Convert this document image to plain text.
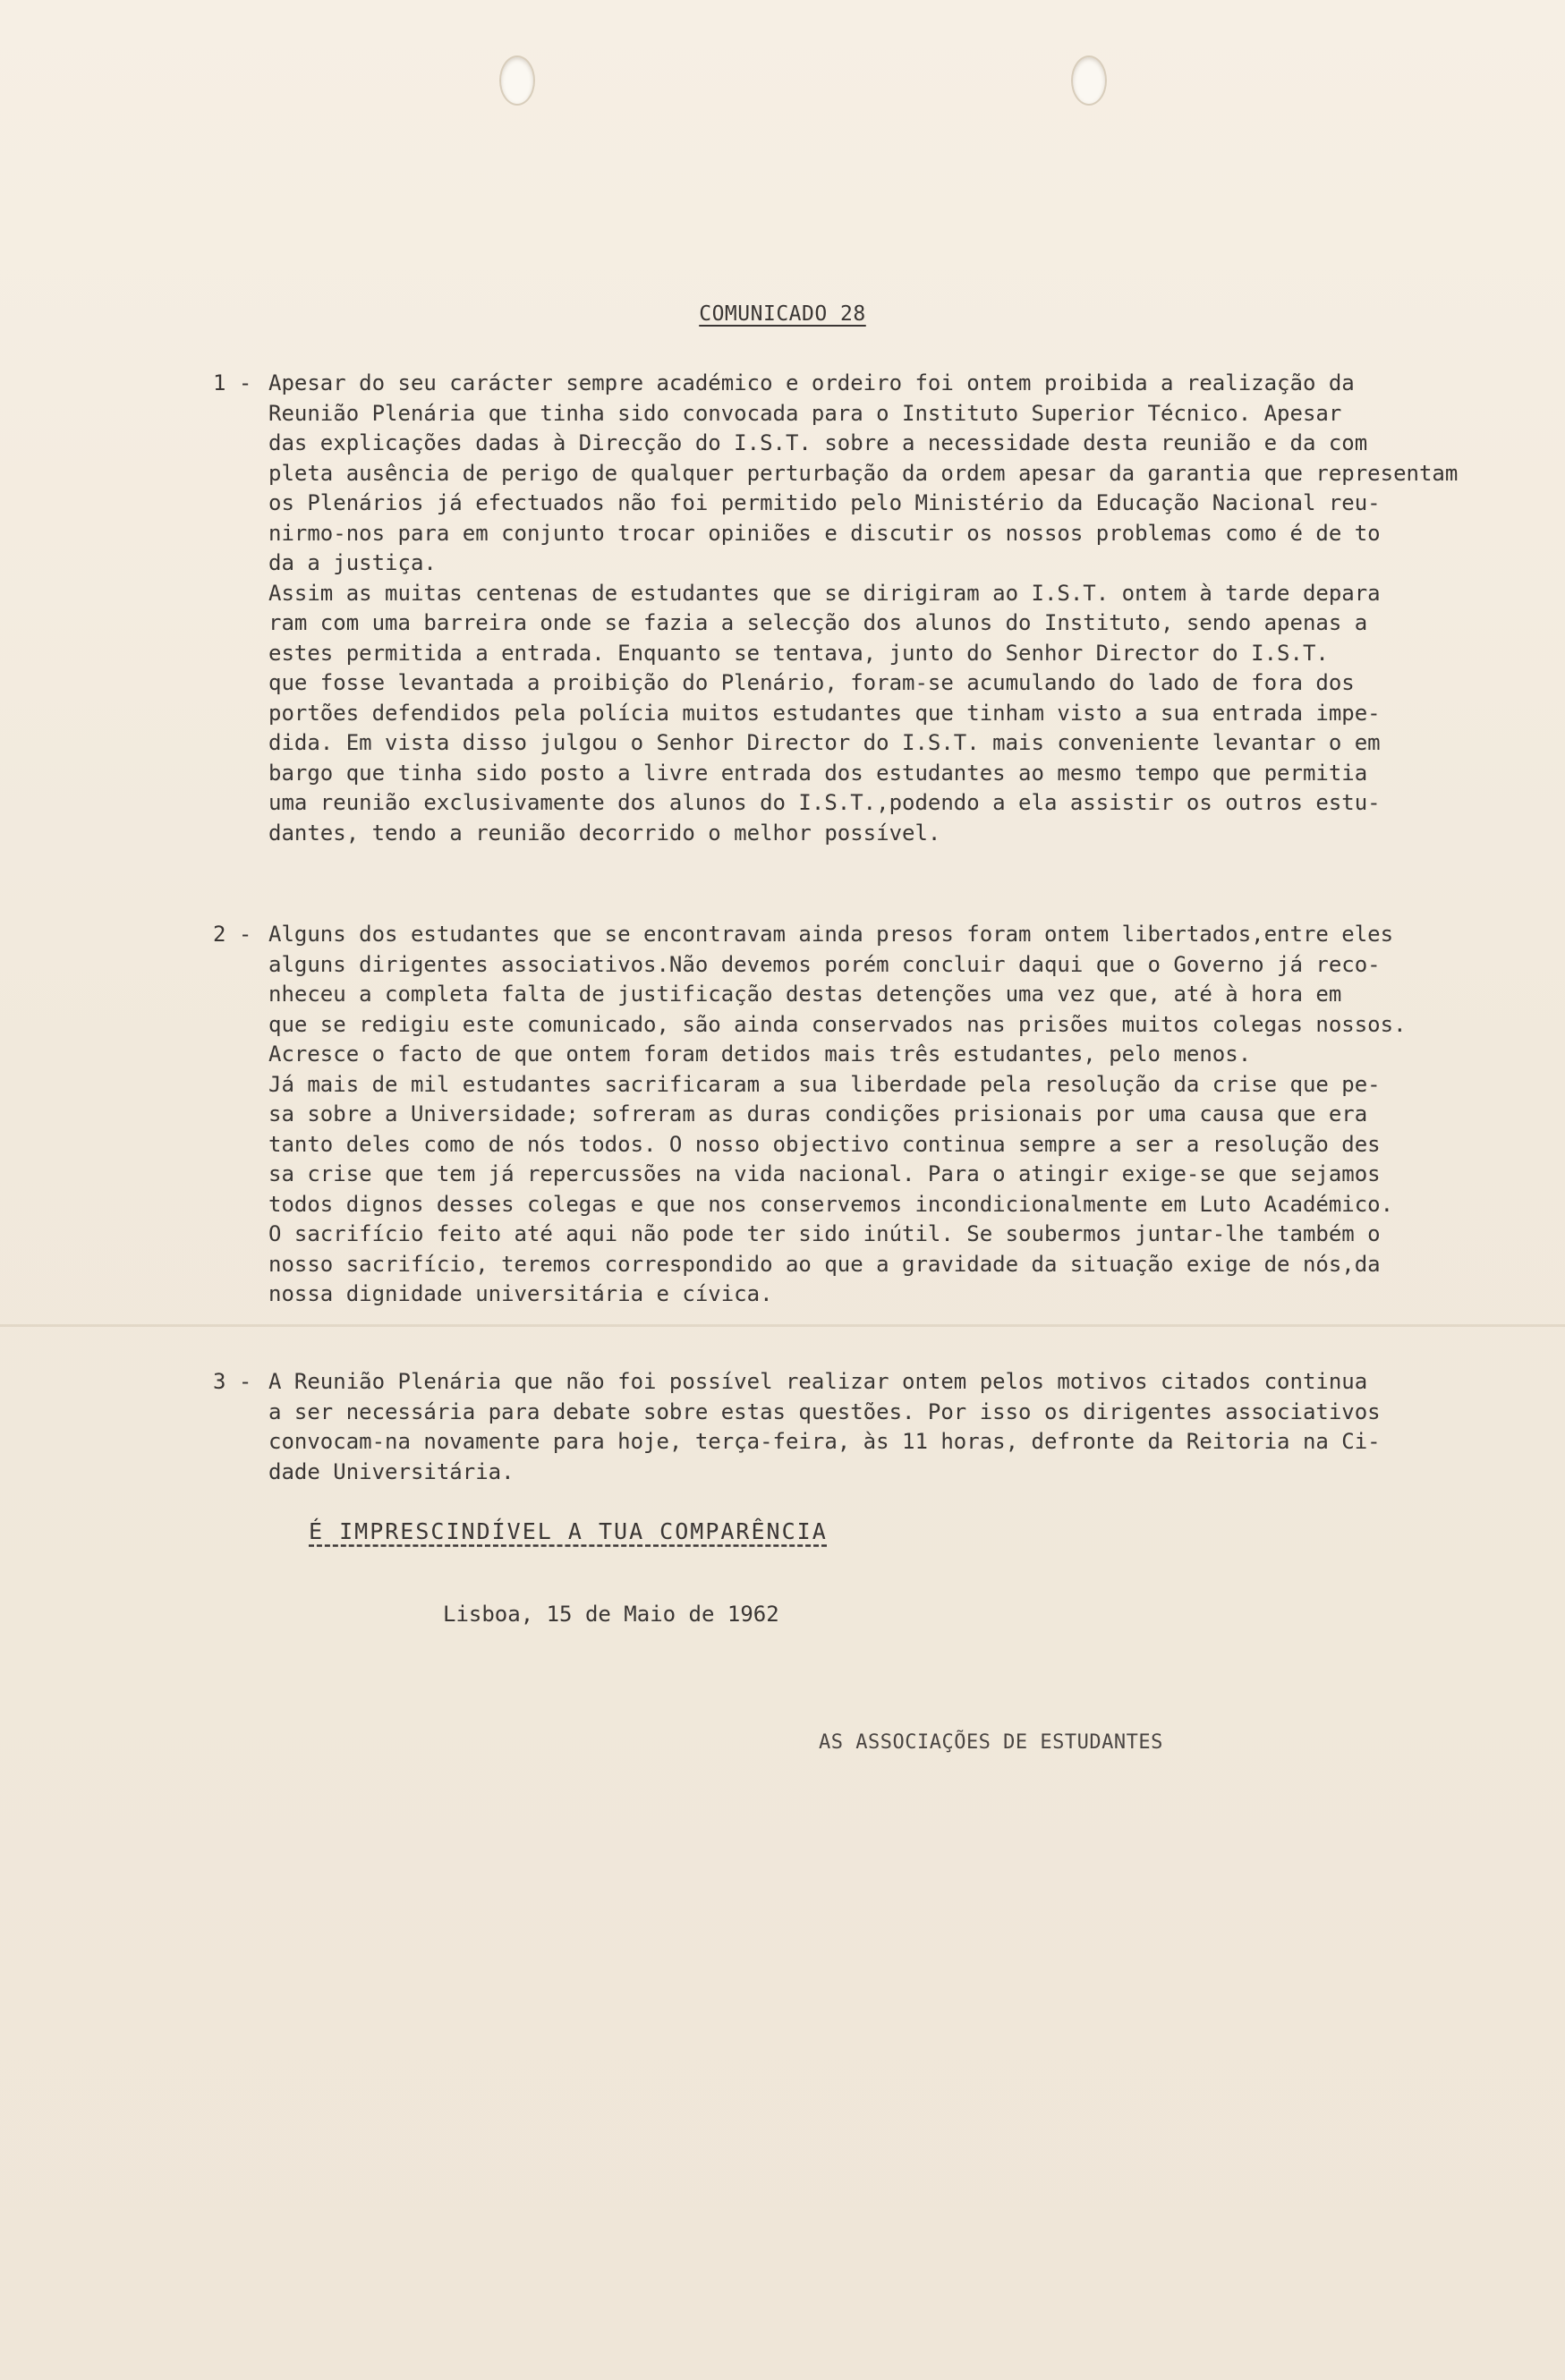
COMUNICADO 28
1 - Apesar do seu carácter sempre académico e ordeiro foi ontem proibida a realização da
Reunião Plenária que tinha sido convocada para o Instituto Superior Técnico. Apesar
das explicações dadas à Direcção do I.S.T. sobre a necessidade desta reunião e da com
pleta ausência de perigo de qualquer perturbação da ordem apesar da garantia que representam
os Plenários já efectuados não foi permitido pelo Ministério da Educação Nacional reu-
nirmo-nos para em conjunto trocar opiniões e discutir os nossos problemas como é de to
da a justiça.
Assim as muitas centenas de estudantes que se dirigiram ao I.S.T. ontem à tarde depara
ram com uma barreira onde se fazia a selecção dos alunos do Instituto, sendo apenas a
estes permitida a entrada. Enquanto se tentava, junto do Senhor Director do I.S.T.
que fosse levantada a proibição do Plenário, foram-se acumulando do lado de fora dos
portões defendidos pela polícia muitos estudantes que tinham visto a sua entrada impe-
dida. Em vista disso julgou o Senhor Director do I.S.T. mais conveniente levantar o em
bargo que tinha sido posto a livre entrada dos estudantes ao mesmo tempo que permitia
uma reunião exclusivamente dos alunos do I.S.T.,podendo a ela assistir os outros estu-
dantes, tendo a reunião decorrido o melhor possível.
2 - Alguns dos estudantes que se encontravam ainda presos foram ontem libertados,entre eles
alguns dirigentes associativos.Não devemos porém concluir daqui que o Governo já reco-
nheceu a completa falta de justificação destas detenções uma vez que, até à hora em
que se redigiu este comunicado, são ainda conservados nas prisões muitos colegas nossos.
Acresce o facto de que ontem foram detidos mais três estudantes, pelo menos.
Já mais de mil estudantes sacrificaram a sua liberdade pela resolução da crise que pe-
sa sobre a Universidade; sofreram as duras condições prisionais por uma causa que era
tanto deles como de nós todos. O nosso objectivo continua sempre a ser a resolução des
sa crise que tem já repercussões na vida nacional. Para o atingir exige-se que sejamos
todos dignos desses colegas e que nos conservemos incondicionalmente em Luto Académico.
O sacrifício feito até aqui não pode ter sido inútil. Se soubermos juntar-lhe também o
nosso sacrifício, teremos correspondido ao que a gravidade da situação exige de nós,da
nossa dignidade universitária e cívica.
3 - A Reunião Plenária que não foi possível realizar ontem pelos motivos citados continua
a ser necessária para debate sobre estas questões. Por isso os dirigentes associativos
convocam-na novamente para hoje, terça-feira, às 11 horas, defronte da Reitoria na Ci-
dade Universitária.
É IMPRESCINDÍVEL A TUA COMPARÊNCIA
Lisboa, 15 de Maio de 1962
AS ASSOCIAÇÕES DE ESTUDANTES
